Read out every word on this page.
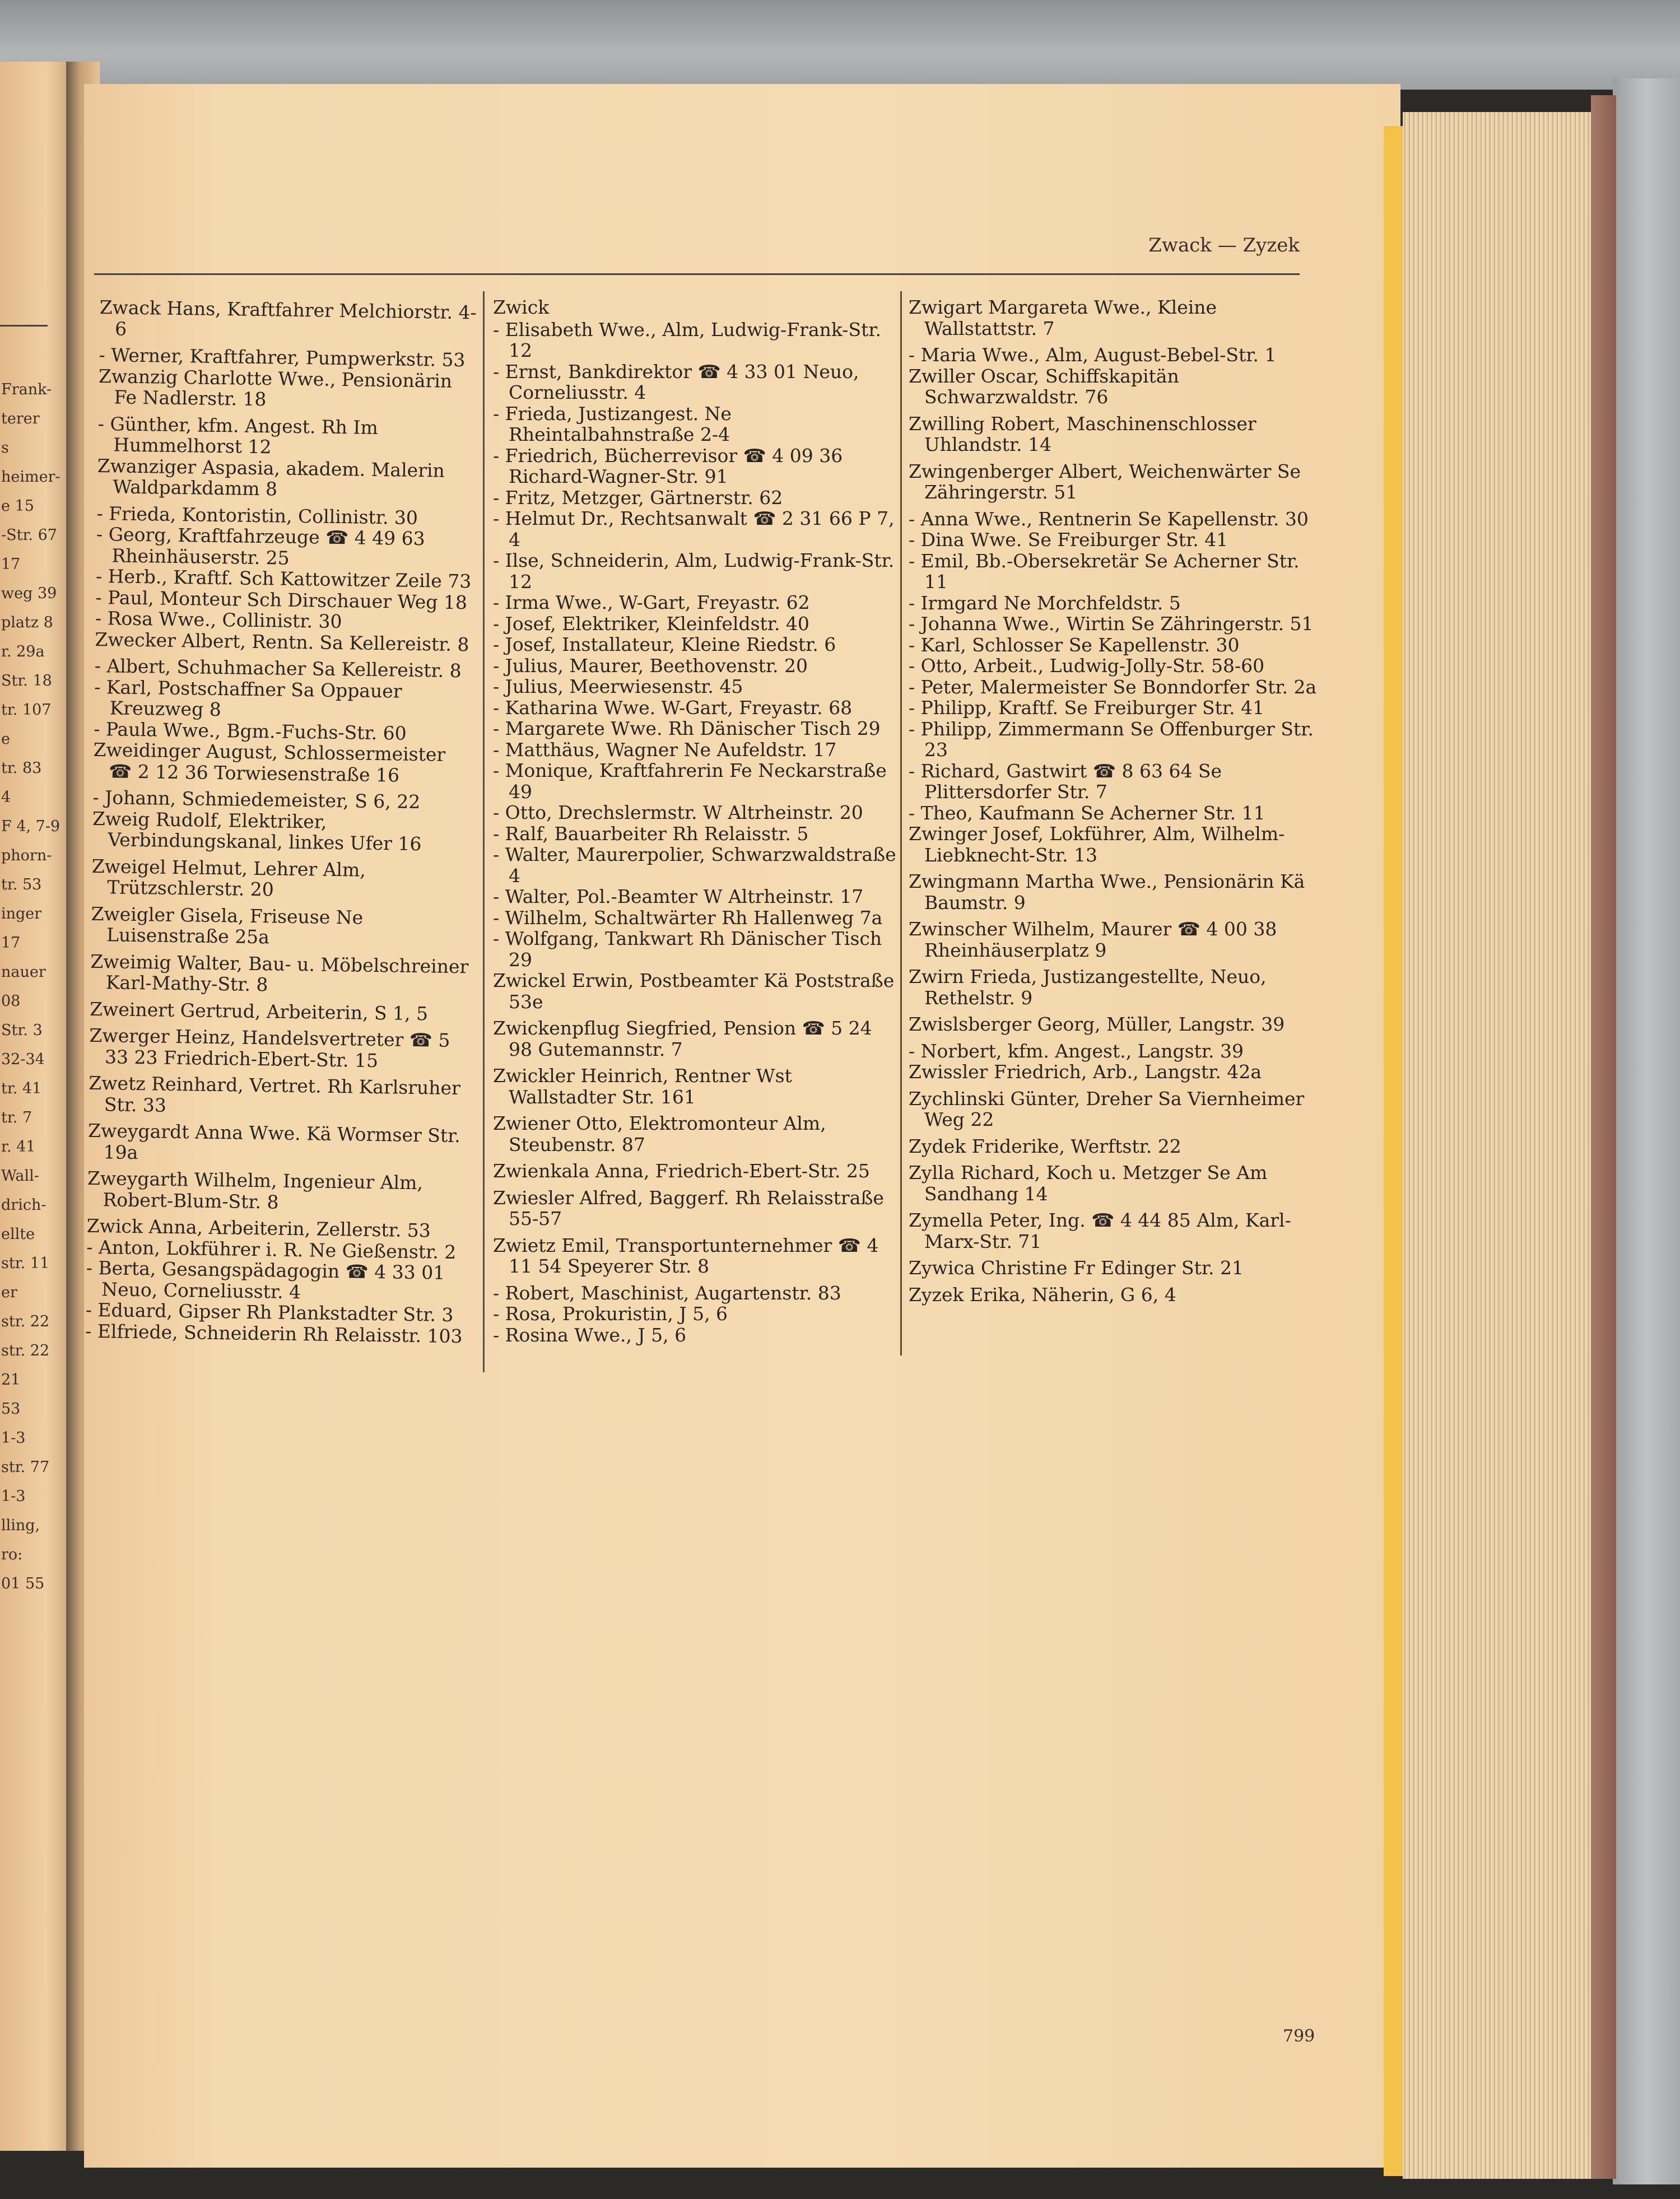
Frank-
terer
s
heimer-
e 15
-Str. 67
17
weg 39
platz 8
r. 29a
Str. 18
tr. 107
e
tr. 83
4
F 4, 7-9
phorn-
tr. 53
inger
17
nauer
08
Str. 3
32-34
tr. 41
tr. 7
r. 41
Wall-
drich-
ellte
str. 11
er
str. 22
str. 22
21
53
1-3
str. 77
1-3
lling,
ro:
01 55
Zwack — Zyzek
Zwack Hans, Kraftfahrer Melchiorstr. 4-6
- Werner, Kraftfahrer, Pumpwerkstr. 53
Zwanzig Charlotte Wwe., Pensionärin Fe Nadlerstr. 18
- Günther, kfm. Angest. Rh Im Hummelhorst 12
Zwanziger Aspasia, akadem. Malerin Waldparkdamm 8
- Frieda, Kontoristin, Collinistr. 30
- Georg, Kraftfahrzeuge ☎ 4 49 63 Rheinhäuserstr. 25
- Herb., Kraftf. Sch Kattowitzer Zeile 73
- Paul, Monteur Sch Dirschauer Weg 18
- Rosa Wwe., Collinistr. 30
Zwecker Albert, Rentn. Sa Kellereistr. 8
- Albert, Schuhmacher Sa Kellereistr. 8
- Karl, Postschaffner Sa Oppauer Kreuzweg 8
- Paula Wwe., Bgm.-Fuchs-Str. 60
Zweidinger August, Schlossermeister ☎ 2 12 36 Torwiesenstraße 16
- Johann, Schmiedemeister, S 6, 22
Zweig Rudolf, Elektriker, Verbindungskanal, linkes Ufer 16
Zweigel Helmut, Lehrer Alm, Trützschlerstr. 20
Zweigler Gisela, Friseuse Ne Luisenstraße 25a
Zweimig Walter, Bau- u. Möbelschreiner Karl-Mathy-Str. 8
Zweinert Gertrud, Arbeiterin, S 1, 5
Zwerger Heinz, Handelsvertreter ☎ 5 33 23 Friedrich-Ebert-Str. 15
Zwetz Reinhard, Vertret. Rh Karlsruher Str. 33
Zweygardt Anna Wwe. Kä Wormser Str. 19a
Zweygarth Wilhelm, Ingenieur Alm, Robert-Blum-Str. 8
Zwick Anna, Arbeiterin, Zellerstr. 53
- Anton, Lokführer i. R. Ne Gießenstr. 2
- Berta, Gesangspädagogin ☎ 4 33 01 Neuo, Corneliusstr. 4
- Eduard, Gipser Rh Plankstadter Str. 3
- Elfriede, Schneiderin Rh Relaisstr. 103
Zwick
- Elisabeth Wwe., Alm, Ludwig-Frank-Str. 12
- Ernst, Bankdirektor ☎ 4 33 01 Neuo, Corneliusstr. 4
- Frieda, Justizangest. Ne Rheintalbahnstraße 2-4
- Friedrich, Bücherrevisor ☎ 4 09 36 Richard-Wagner-Str. 91
- Fritz, Metzger, Gärtnerstr. 62
- Helmut Dr., Rechtsanwalt ☎ 2 31 66 P 7, 4
- Ilse, Schneiderin, Alm, Ludwig-Frank-Str. 12
- Irma Wwe., W-Gart, Freyastr. 62
- Josef, Elektriker, Kleinfeldstr. 40
- Josef, Installateur, Kleine Riedstr. 6
- Julius, Maurer, Beethovenstr. 20
- Julius, Meerwiesenstr. 45
- Katharina Wwe. W-Gart, Freyastr. 68
- Margarete Wwe. Rh Dänischer Tisch 29
- Matthäus, Wagner Ne Aufeldstr. 17
- Monique, Kraftfahrerin Fe Neckarstraße 49
- Otto, Drechslermstr. W Altrheinstr. 20
- Ralf, Bauarbeiter Rh Relaisstr. 5
- Walter, Maurerpolier, Schwarzwaldstraße 4
- Walter, Pol.-Beamter W Altrheinstr. 17
- Wilhelm, Schaltwärter Rh Hallenweg 7a
- Wolfgang, Tankwart Rh Dänischer Tisch 29
Zwickel Erwin, Postbeamter Kä Poststraße 53e
Zwickenpflug Siegfried, Pension ☎ 5 24 98 Gutemannstr. 7
Zwickler Heinrich, Rentner Wst Wallstadter Str. 161
Zwiener Otto, Elektromonteur Alm, Steubenstr. 87
Zwienkala Anna, Friedrich-Ebert-Str. 25
Zwiesler Alfred, Baggerf. Rh Relaisstraße 55-57
Zwietz Emil, Transportunternehmer ☎ 4 11 54 Speyerer Str. 8
- Robert, Maschinist, Augartenstr. 83
- Rosa, Prokuristin, J 5, 6
- Rosina Wwe., J 5, 6
Zwigart Margareta Wwe., Kleine Wallstattstr. 7
- Maria Wwe., Alm, August-Bebel-Str. 1
Zwiller Oscar, Schiffskapitän Schwarzwaldstr. 76
Zwilling Robert, Maschinenschlosser Uhlandstr. 14
Zwingenberger Albert, Weichenwärter Se Zähringerstr. 51
- Anna Wwe., Rentnerin Se Kapellenstr. 30
- Dina Wwe. Se Freiburger Str. 41
- Emil, Bb.-Obersekretär Se Acherner Str. 11
- Irmgard Ne Morchfeldstr. 5
- Johanna Wwe., Wirtin Se Zähringerstr. 51
- Karl, Schlosser Se Kapellenstr. 30
- Otto, Arbeit., Ludwig-Jolly-Str. 58-60
- Peter, Malermeister Se Bonndorfer Str. 2a
- Philipp, Kraftf. Se Freiburger Str. 41
- Philipp, Zimmermann Se Offenburger Str. 23
- Richard, Gastwirt ☎ 8 63 64 Se Plittersdorfer Str. 7
- Theo, Kaufmann Se Acherner Str. 11
Zwinger Josef, Lokführer, Alm, Wilhelm-Liebknecht-Str. 13
Zwingmann Martha Wwe., Pensionärin Kä Baumstr. 9
Zwinscher Wilhelm, Maurer ☎ 4 00 38 Rheinhäuserplatz 9
Zwirn Frieda, Justizangestellte, Neuo, Rethelstr. 9
Zwislsberger Georg, Müller, Langstr. 39
- Norbert, kfm. Angest., Langstr. 39
Zwissler Friedrich, Arb., Langstr. 42a
Zychlinski Günter, Dreher Sa Viernheimer Weg 22
Zydek Friderike, Werftstr. 22
Zylla Richard, Koch u. Metzger Se Am Sandhang 14
Zymella Peter, Ing. ☎ 4 44 85 Alm, Karl-Marx-Str. 71
Zywica Christine Fr Edinger Str. 21
Zyzek Erika, Näherin, G 6, 4
799
